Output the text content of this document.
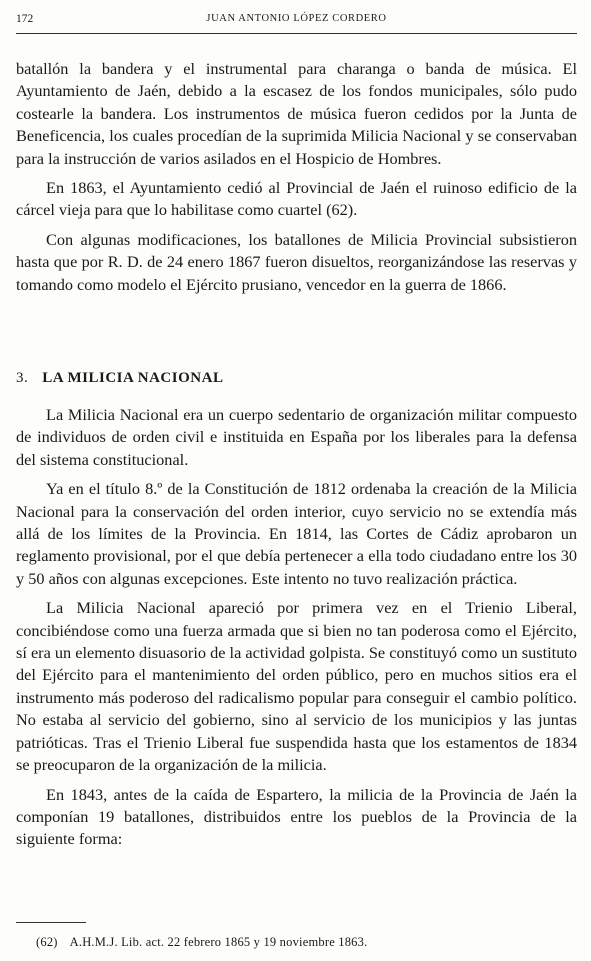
172	JUAN ANTONIO LÓPEZ CORDERO

batallón la bandera y el instrumental para charanga o banda de música. El Ayuntamiento de Jaén, debido a la escasez de los fondos municipales, sólo pudo costearle la bandera. Los instrumentos de música fueron cedidos por la Junta de Beneficencia, los cuales procedían de la suprimida Milicia Nacional y se conservaban para la instrucción de varios asilados en el Hospicio de Hombres.

En 1863, el Ayuntamiento cedió al Provincial de Jaén el ruinoso edificio de la cárcel vieja para que lo habilitase como cuartel (62).

Con algunas modificaciones, los batallones de Milicia Provincial subsistieron hasta que por R. D. de 24 enero 1867 fueron disueltos, reorganizándose las reservas y tomando como modelo el Ejército prusiano, vencedor en la guerra de 1866.

3. LA MILICIA NACIONAL

La Milicia Nacional era un cuerpo sedentario de organización militar compuesto de individuos de orden civil e instituida en España por los liberales para la defensa del sistema constitucional.

Ya en el título 8.º de la Constitución de 1812 ordenaba la creación de la Milicia Nacional para la conservación del orden interior, cuyo servicio no se extendía más allá de los límites de la Provincia. En 1814, las Cortes de Cádiz aprobaron un reglamento provisional, por el que debía pertenecer a ella todo ciudadano entre los 30 y 50 años con algunas excepciones. Este intento no tuvo realización práctica.

La Milicia Nacional apareció por primera vez en el Trienio Liberal, concibiéndose como una fuerza armada que si bien no tan poderosa como el Ejército, sí era un elemento disuasorio de la actividad golpista. Se constituyó como un sustituto del Ejército para el mantenimiento del orden público, pero en muchos sitios era el instrumento más poderoso del radicalismo popular para conseguir el cambio político. No estaba al servicio del gobierno, sino al servicio de los municipios y las juntas patrióticas. Tras el Trienio Liberal fue suspendida hasta que los estamentos de 1834 se preocuparon de la organización de la milicia.

En 1843, antes de la caída de Espartero, la milicia de la Provincia de Jaén la componían 19 batallones, distribuidos entre los pueblos de la Provincia de la siguiente forma:

(62) A.H.M.J. Lib. act. 22 febrero 1865 y 19 noviembre 1863.
